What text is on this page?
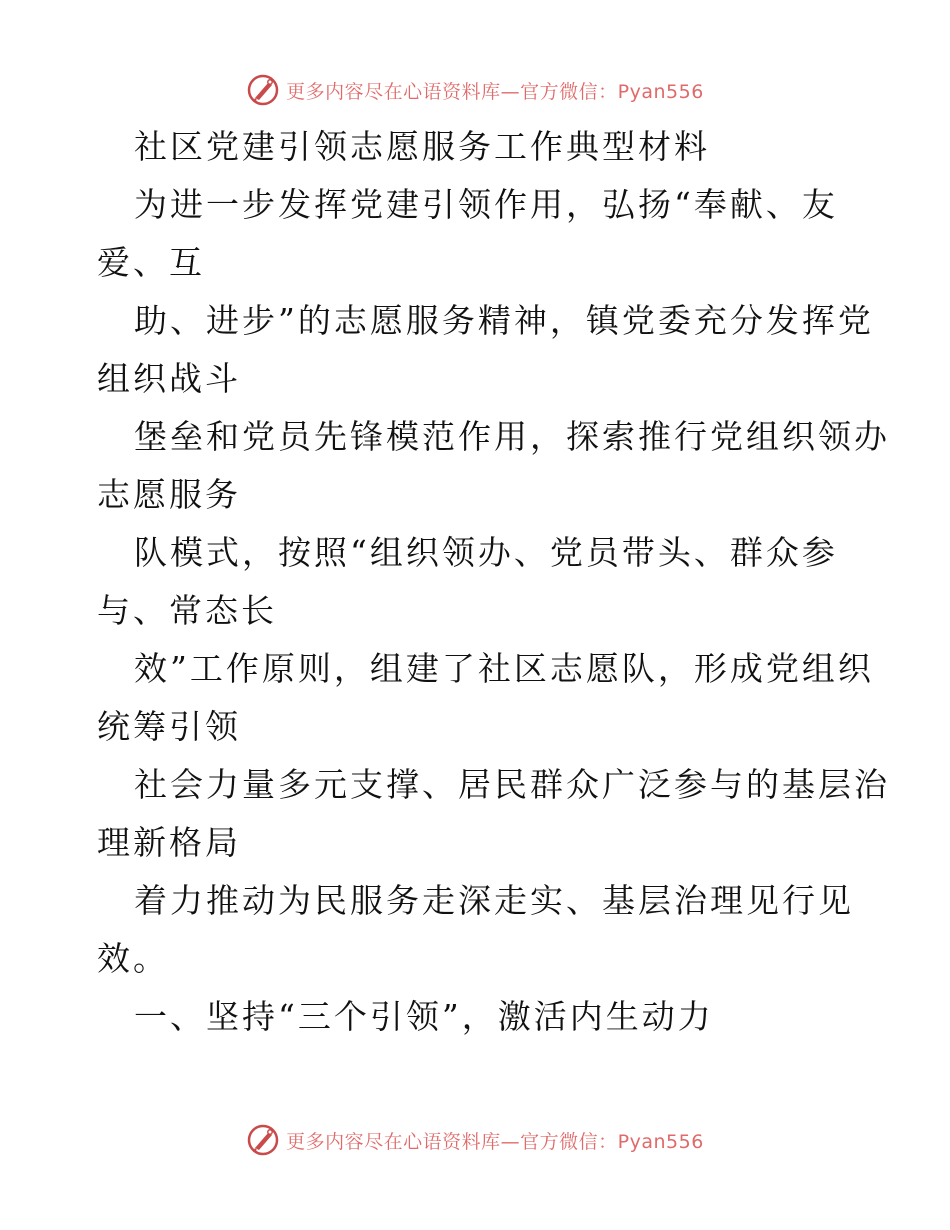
更多内容尽在心语资料库—官方微信：Pyan556
社区党建引领志愿服务工作典型材料
为进一步发挥党建引领作用，弘扬“奉献、友
爱、互
助、进步”的志愿服务精神，镇党委充分发挥党
组织战斗
堡垒和党员先锋模范作用，探索推行党组织领办
志愿服务
队模式，按照“组织领办、党员带头、群众参
与、常态长
效”工作原则，组建了社区志愿队，形成党组织
统筹引领
社会力量多元支撑、居民群众广泛参与的基层治
理新格局
着力推动为民服务走深走实、基层治理见行见
效。
一、坚持“三个引领”，激活内生动力
更多内容尽在心语资料库—官方微信：Pyan556
